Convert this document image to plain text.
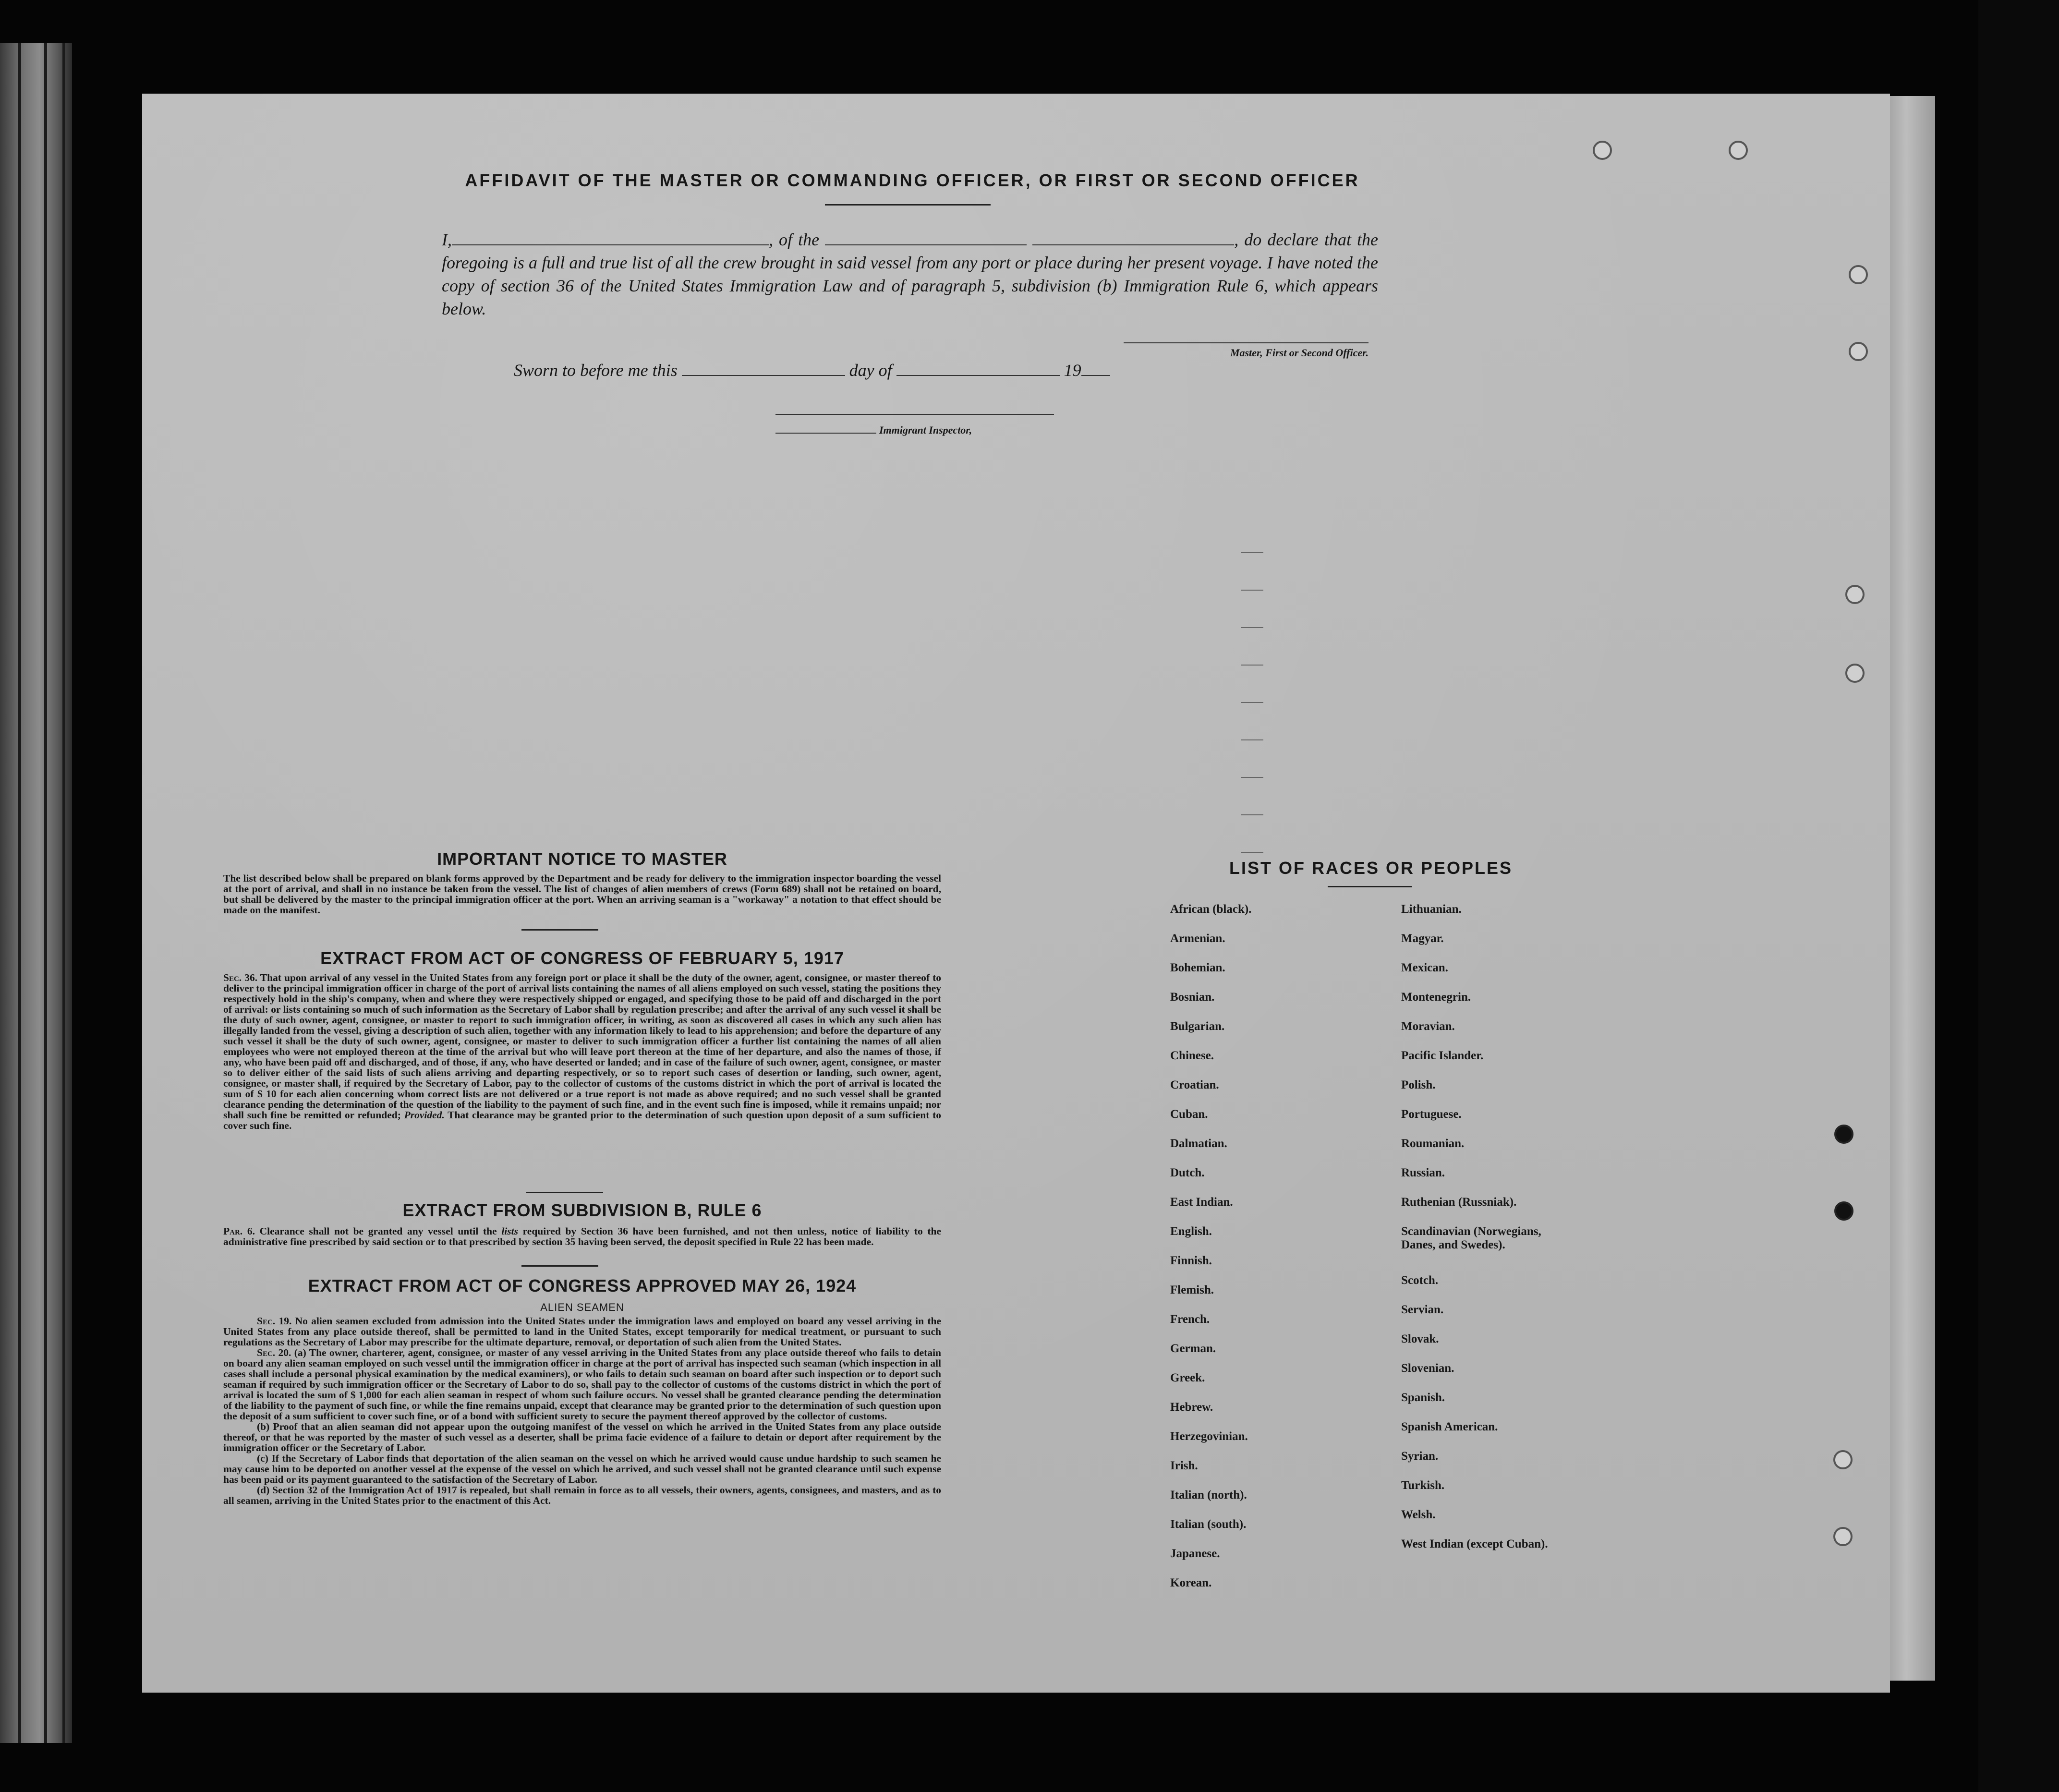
AFFIDAVIT OF THE MASTER OR COMMANDING OFFICER, OR FIRST OR SECOND OFFICER
I,	, of the	, do declare that the foregoing is a full and true list of all the crew brought in said vessel from any port or place during her present voyage. I have noted the copy of section 36 of the United States Immigration Law and of paragraph 5, subdivision (b) Immigration Rule 6, which appears below.
Master, First or Second Officer.
Sworn to before me this	day of	19
Immigrant Inspector,
IMPORTANT NOTICE TO MASTER
The list described below shall be prepared on blank forms approved by the Department and be ready for delivery to the immigration inspector boarding the vessel at the port of arrival, and shall in no instance be taken from the vessel. The list of changes of alien members of crews (Form 689) shall not be retained on board, but shall be delivered by the master to the principal immigration officer at the port. When an arriving seaman is a "workaway" a notation to that effect should be made on the manifest.
EXTRACT FROM ACT OF CONGRESS OF FEBRUARY 5, 1917
Sec. 36. That upon arrival of any vessel in the United States from any foreign port or place it shall be the duty of the owner, agent, consignee, or master thereof to deliver to the principal immigration officer in charge of the port of arrival lists containing the names of all aliens employed on such vessel, stating the positions they respectively hold in the ship's company, when and where they were respectively shipped or engaged, and specifying those to be paid off and discharged in the port of arrival: or lists containing so much of such information as the Secretary of Labor shall by regulation prescribe; and after the arrival of any such vessel it shall be the duty of such owner, agent, consignee, or master to report to such immigration officer, in writing, as soon as discovered all cases in which any such alien has illegally landed from the vessel, giving a description of such alien, together with any information likely to lead to his apprehension; and before the departure of any such vessel it shall be the duty of such owner, agent, consignee, or master to deliver to such immigration officer a further list containing the names of all alien employees who were not employed thereon at the time of the arrival but who will leave port thereon at the time of her departure, and also the names of those, if any, who have been paid off and discharged, and of those, if any, who have deserted or landed; and in case of the failure of such owner, agent, consignee, or master so to deliver either of the said lists of such aliens arriving and departing respectively, or so to report such cases of desertion or landing, such owner, agent, consignee, or master shall, if required by the Secretary of Labor, pay to the collector of customs of the customs district in which the port of arrival is located the sum of $ 10 for each alien concerning whom correct lists are not delivered or a true report is not made as above required; and no such vessel shall be granted clearance pending the determination of the question of the liability to the payment of such fine, and in the event such fine is imposed, while it remains unpaid; nor shall such fine be remitted or refunded; Provided. That clearance may be granted prior to the determination of such question upon deposit of a sum sufficient to cover such fine.
EXTRACT FROM SUBDIVISION B, RULE 6
Par. 6. Clearance shall not be granted any vessel until the lists required by Section 36 have been furnished, and not then unless, notice of liability to the administrative fine prescribed by said section or to that prescribed by section 35 having been served, the deposit specified in Rule 22 has been made.
EXTRACT FROM ACT OF CONGRESS APPROVED MAY 26, 1924
ALIEN SEAMEN
Sec. 19. No alien seamen excluded from admission into the United States under the immigration laws and employed on board any vessel arriving in the United States from any place outside thereof, shall be permitted to land in the United States, except temporarily for medical treatment, or pursuant to such regulations as the Secretary of Labor may prescribe for the ultimate departure, removal, or deportation of such alien from the United States.
Sec. 20. (a) The owner, charterer, agent, consignee, or master of any vessel arriving in the United States from any place outside thereof who fails to detain on board any alien seaman employed on such vessel until the immigration officer in charge at the port of arrival has inspected such seaman (which inspection in all cases shall include a personal physical examination by the medical examiners), or who fails to detain such seaman on board after such inspection or to deport such seaman if required by such immigration officer or the Secretary of Labor to do so, shall pay to the collector of customs of the customs district in which the port of arrival is located the sum of $ 1,000 for each alien seaman in respect of whom such failure occurs. No vessel shall be granted clearance pending the determination of the liability to the payment of such fine, or while the fine remains unpaid, except that clearance may be granted prior to the determination of such question upon the deposit of a sum sufficient to cover such fine, or of a bond with sufficient surety to secure the payment thereof approved by the collector of customs.
(b) Proof that an alien seaman did not appear upon the outgoing manifest of the vessel on which he arrived in the United States from any place outside thereof, or that he was reported by the master of such vessel as a deserter, shall be prima facie evidence of a failure to detain or deport after requirement by the immigration officer or the Secretary of Labor.
(c) If the Secretary of Labor finds that deportation of the alien seaman on the vessel on which he arrived would cause undue hardship to such seamen he may cause him to be deported on another vessel at the expense of the vessel on which he arrived, and such vessel shall not be granted clearance until such expense has been paid or its payment guaranteed to the satisfaction of the Secretary of Labor.
(d) Section 32 of the Immigration Act of 1917 is repealed, but shall remain in force as to all vessels, their owners, agents, consignees, and masters, and as to all seamen, arriving in the United States prior to the enactment of this Act.
LIST OF RACES OR PEOPLES
African (black).
Armenian.
Bohemian.
Bosnian.
Bulgarian.
Chinese.
Croatian.
Cuban.
Dalmatian.
Dutch.
East Indian.
English.
Finnish.
Flemish.
French.
German.
Greek.
Hebrew.
Herzegovinian.
Irish.
Italian (north).
Italian (south).
Japanese.
Korean.
Lithuanian.
Magyar.
Mexican.
Montenegrin.
Moravian.
Pacific Islander.
Polish.
Portuguese.
Roumanian.
Russian.
Ruthenian (Russniak).
Scandinavian (Norwegians, Danes, and Swedes).
Scotch.
Servian.
Slovak.
Slovenian.
Spanish.
Spanish American.
Syrian.
Turkish.
Welsh.
West Indian (except Cuban).
